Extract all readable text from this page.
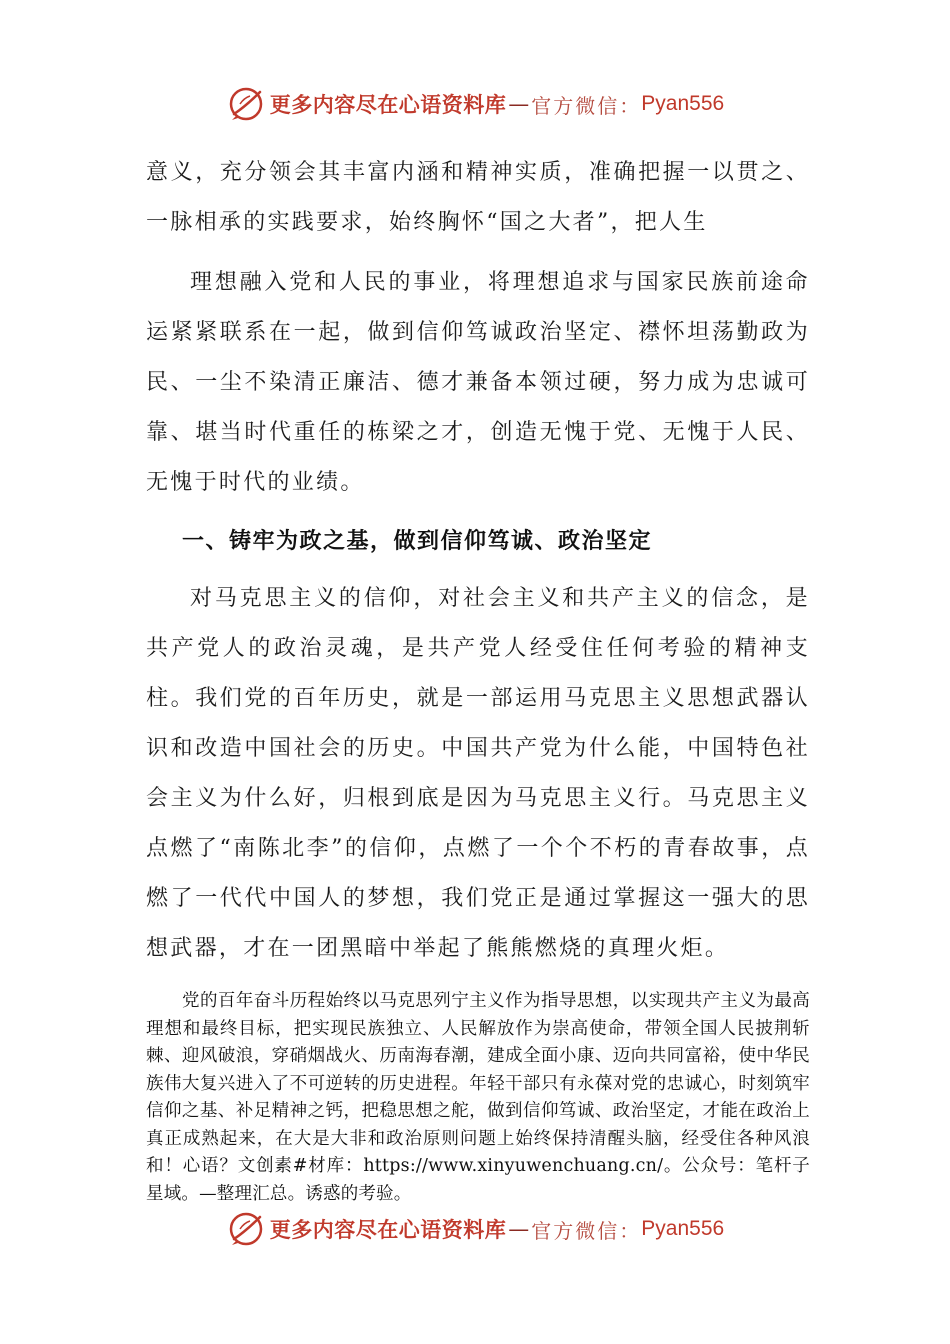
更多内容尽在心语资料库 — 官方微信： Pyan556

意义，充分领会其丰富内涵和精神实质，准确把握一以贯之、一脉相承的实践要求，始终胸怀“国之大者”，把人生

理想融入党和人民的事业，将理想追求与国家民族前途命运紧紧联系在一起，做到信仰笃诚政治坚定、襟怀坦荡勤政为民、一尘不染清正廉洁、德才兼备本领过硬，努力成为忠诚可靠、堪当时代重任的栋梁之才，创造无愧于党、无愧于人民、无愧于时代的业绩。

一、铸牢为政之基，做到信仰笃诚、政治坚定

对马克思主义的信仰，对社会主义和共产主义的信念，是共产党人的政治灵魂，是共产党人经受住任何考验的精神支柱。我们党的百年历史，就是一部运用马克思主义思想武器认识和改造中国社会的历史。中国共产党为什么能，中国特色社会主义为什么好，归根到底是因为马克思主义行。马克思主义点燃了“南陈北李”的信仰，点燃了一个个不朽的青春故事，点燃了一代代中国人的梦想，我们党正是通过掌握这一强大的思想武器，才在一团黑暗中举起了熊熊燃烧的真理火炬。

党的百年奋斗历程始终以马克思列宁主义作为指导思想，以实现共产主义为最高理想和最终目标，把实现民族独立、人民解放作为崇高使命，带领全国人民披荆斩棘、迎风破浪，穿硝烟战火、历南海春潮，建成全面小康、迈向共同富裕，使中华民族伟大复兴进入了不可逆转的历史进程。年轻干部只有永葆对党的忠诚心，时刻筑牢信仰之基、补足精神之钙，把稳思想之舵，做到信仰笃诚、政治坚定，才能在政治上真正成熟起来，在大是大非和政治原则问题上始终保持清醒头脑，经受住各种风浪和！心语？文创素#材库：https://www.xinyuwenchuang.cn/。公众号：笔杆子星域。—整理汇总。诱惑的考验。

更多内容尽在心语资料库 — 官方微信： Pyan556
